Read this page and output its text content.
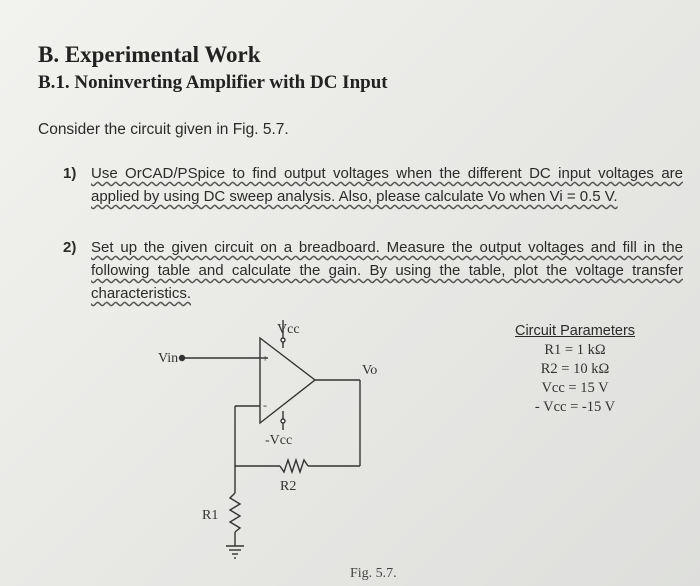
B. Experimental Work
B.1. Noninverting Amplifier with DC Input
Consider the circuit given in Fig. 5.7.
1) Use OrCAD/PSpice to find output voltages when the different DC input voltages are applied by using DC sweep analysis. Also, please calculate Vo when Vi = 0.5 V.
2) Set up the given circuit on a breadboard. Measure the output voltages and fill in the following table and calculate the gain. By using the table, plot the voltage transfer characteristics.
Vcc
-Vcc
Vin
Vo
R1
R2
+
-
Circuit Parameters
R1 = 1 kΩ
R2 = 10 kΩ
Vcc = 15 V
- Vcc = -15 V
Fig. 5.7.
